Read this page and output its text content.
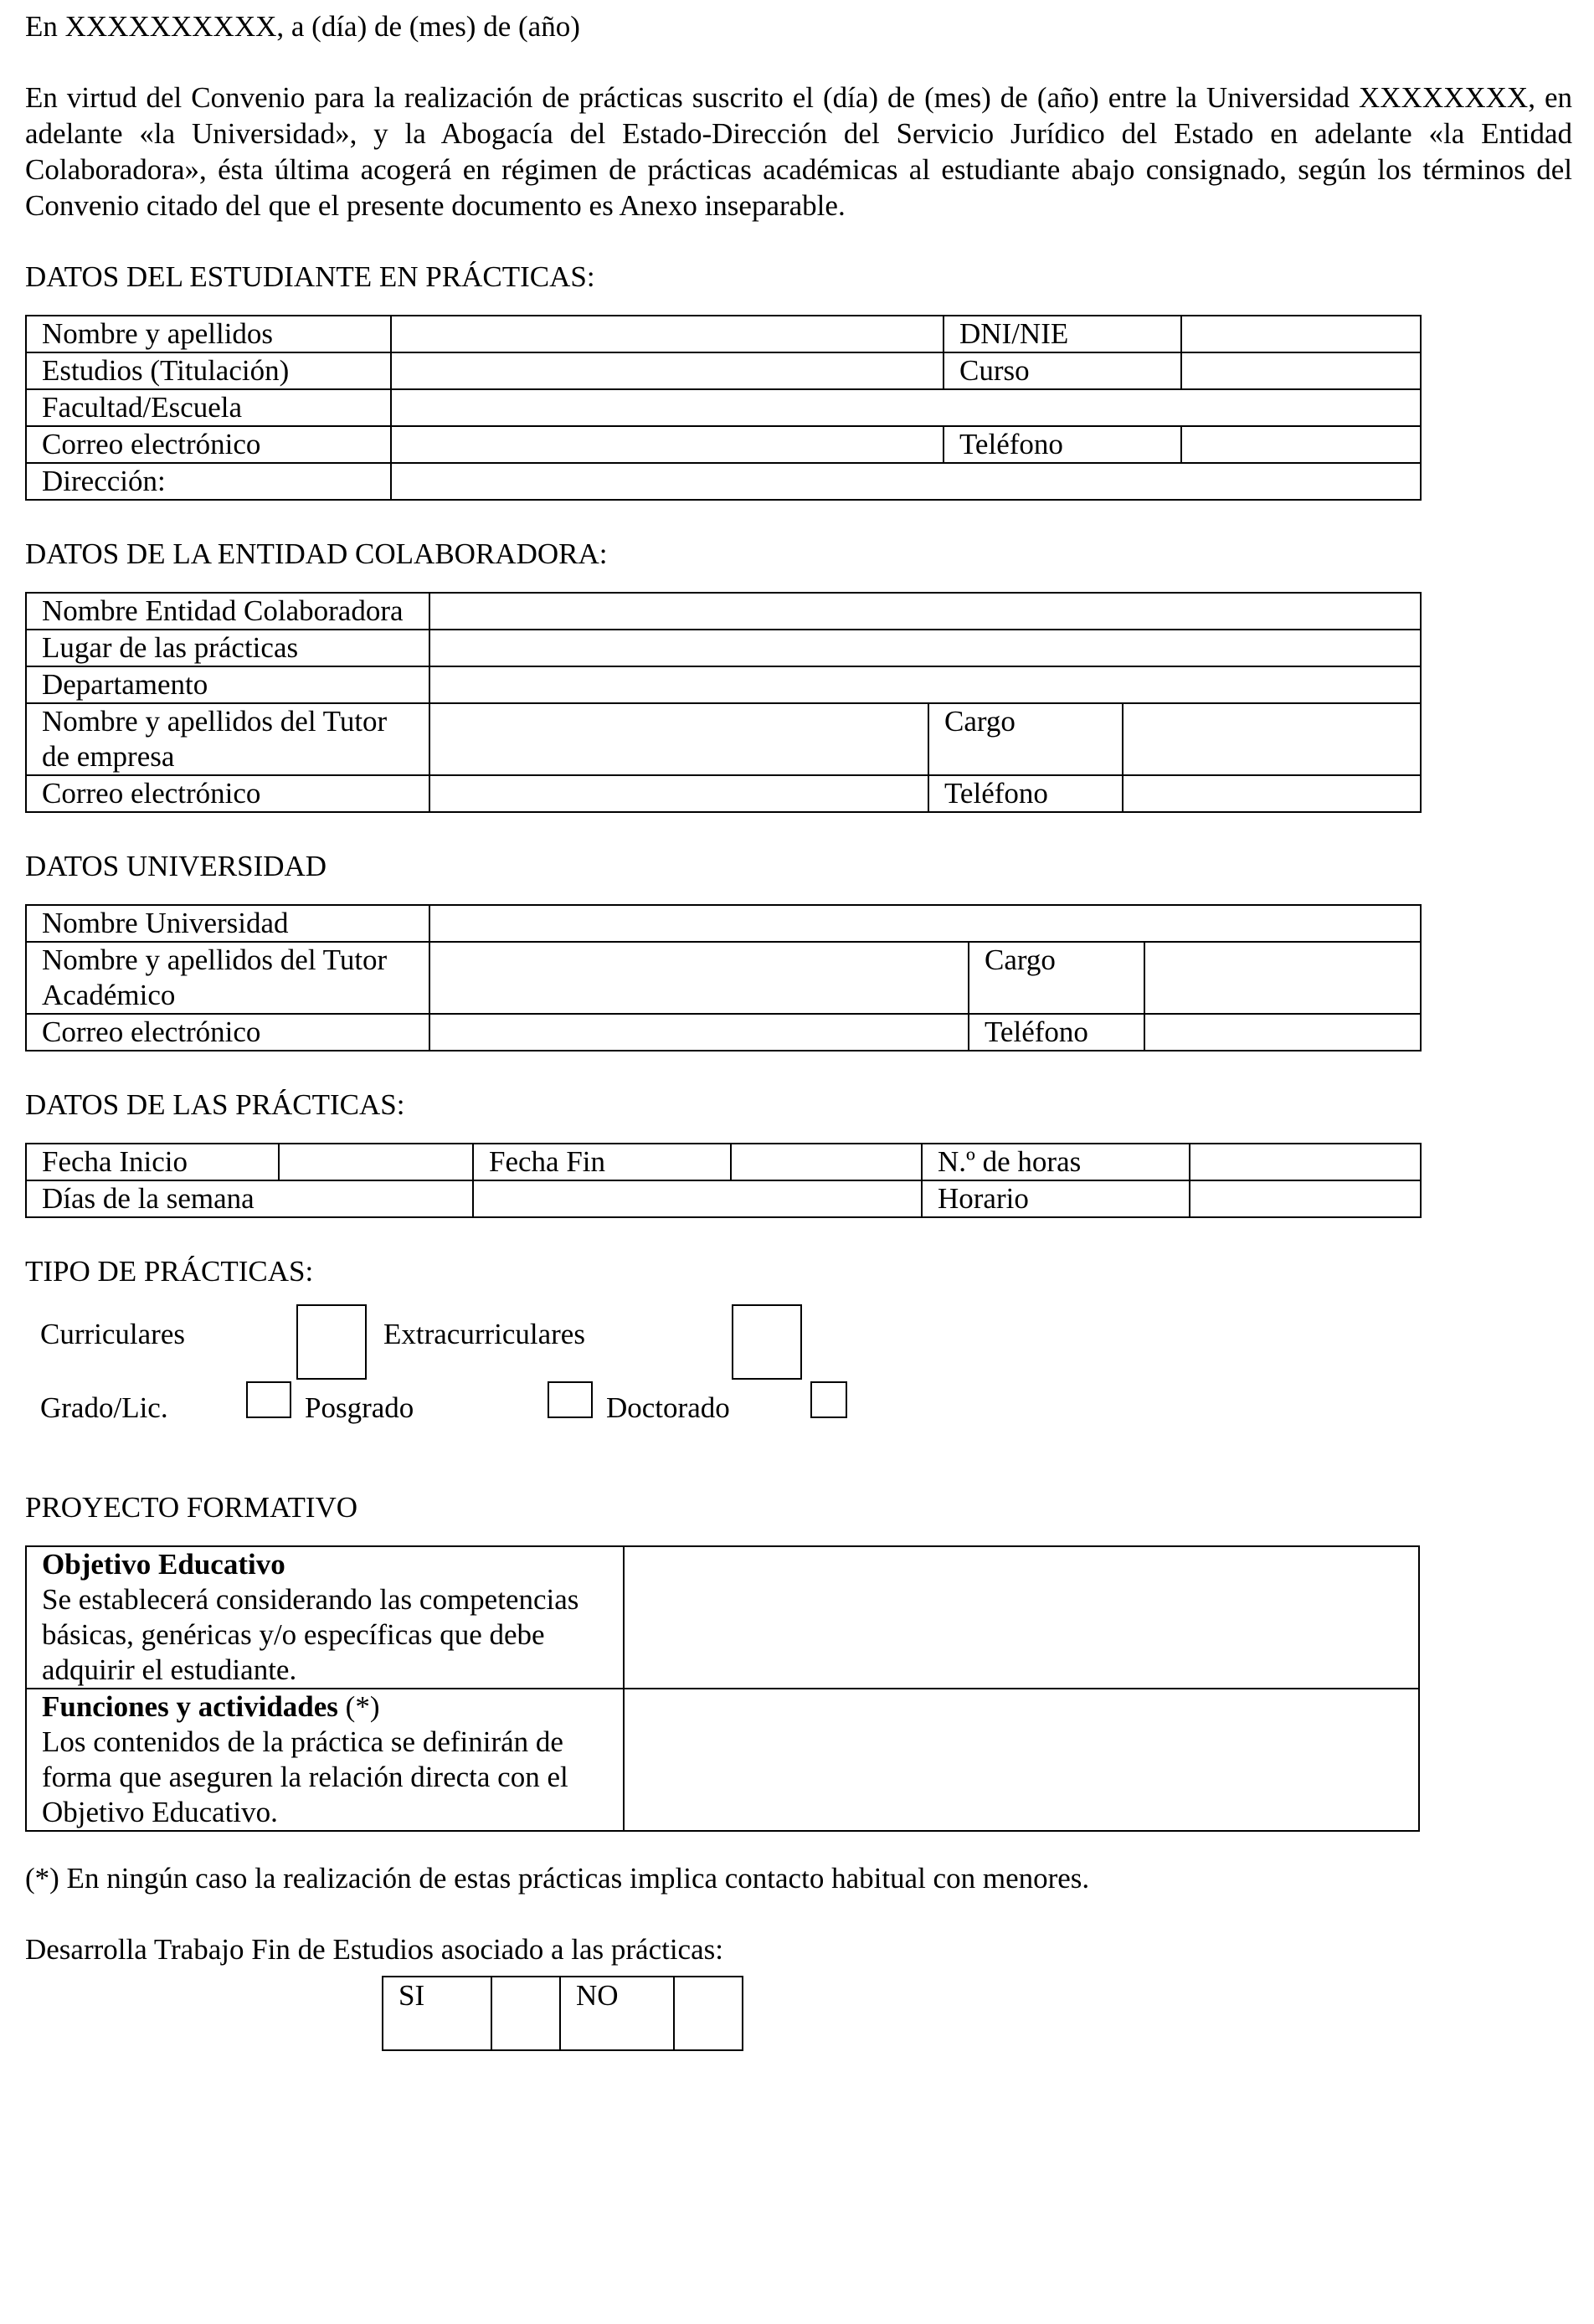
En XXXXXXXXXX, a (día) de (mes) de (año)

En virtud del Convenio para la realización de prácticas suscrito el (día) de (mes) de (año) entre la Universidad XXXXXXXX, en adelante «la Universidad», y la Abogacía del Estado-Dirección del Servicio Jurídico del Estado en adelante «la Entidad Colaboradora», ésta última acogerá en régimen de prácticas académicas al estudiante abajo consignado, según los términos del Convenio citado del que el presente documento es Anexo inseparable.

DATOS DEL ESTUDIANTE EN PRÁCTICAS:

Nombre y apellidos		DNI/NIE	
Estudios (Titulación)		Curso	
Facultad/Escuela			
Correo electrónico		Teléfono	
Dirección:			

DATOS DE LA ENTIDAD COLABORADORA:

Nombre Entidad Colaboradora			
Lugar de las prácticas			
Departamento			
Nombre y apellidos del Tutor de empresa		Cargo	
Correo electrónico		Teléfono	

DATOS UNIVERSIDAD

Nombre Universidad			
Nombre y apellidos del Tutor Académico		Cargo	
Correo electrónico		Teléfono	

DATOS DE LAS PRÁCTICAS:

Fecha Inicio		Fecha Fin		N.º de horas	
Días de la semana				Horario	

TIPO DE PRÁCTICAS:

Curriculares	Extracurriculares
Grado/Lic.	Posgrado	Doctorado

PROYECTO FORMATIVO

Objetivo Educativo
Se establecerá considerando las competencias básicas, genéricas y/o específicas que debe adquirir el estudiante.	
Funciones y actividades (*)
Los contenidos de la práctica se definirán de forma que aseguren la relación directa con el Objetivo Educativo.	

(*) En ningún caso la realización de estas prácticas implica contacto habitual con menores.

Desarrolla Trabajo Fin de Estudios asociado a las prácticas:

SI		NO	
